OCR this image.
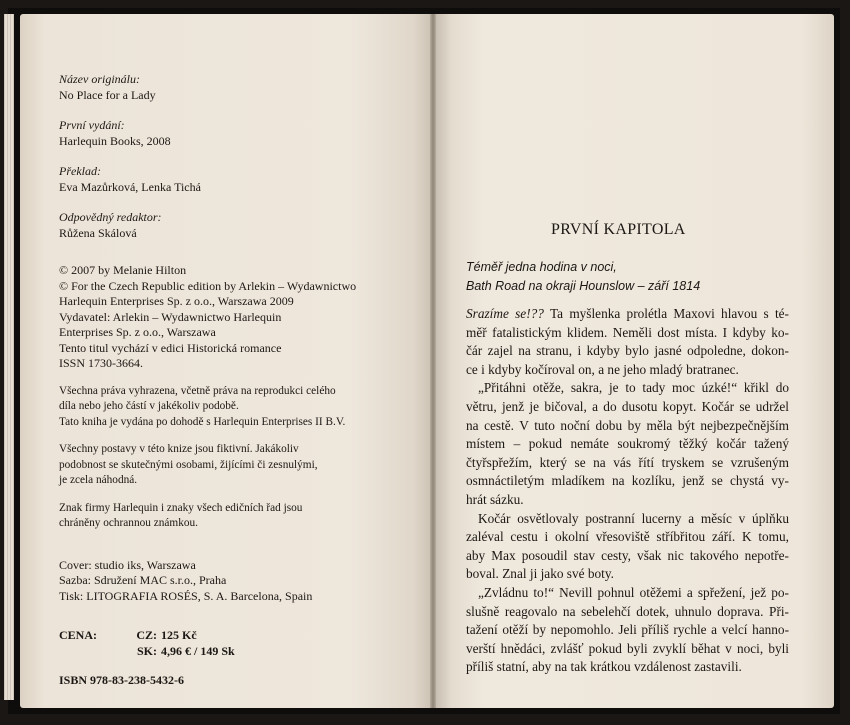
Název originálu:
No Place for a Lady
První vydání:
Harlequin Books, 2008
Překlad:
Eva Mazůrková, Lenka Tichá
Odpovědný redaktor:
Růžena Skálová
© 2007 by Melanie Hilton
© For the Czech Republic edition by Arlekin – Wydawnictwo
Harlequin Enterprises Sp. z o.o., Warszawa 2009
Vydavatel: Arlekin – Wydawnictwo Harlequin
Enterprises Sp. z o.o., Warszawa
Tento titul vychází v edici Historická romance
ISSN 1730-3664.
Všechna práva vyhrazena, včetně práva na reprodukci celého
díla nebo jeho částí v jakékoliv podobě.
Tato kniha je vydána po dohodě s Harlequin Enterprises II B.V.
Všechny postavy v této knize jsou fiktivní. Jakákoliv
podobnost se skutečnými osobami, žijícími či zesnulými,
je zcela náhodná.
Znak firmy Harlequin i znaky všech edičních řad jsou
chráněny ochrannou známkou.
Cover: studio iks, Warszawa
Sazba: Sdružení MAC s.r.o., Praha
Tisk: LITOGRAFIA ROSÉS, S. A. Barcelona, Spain
CENA:	CZ: 125 Kč
SK: 4,96 € / 149 Sk
ISBN 978-83-238-5432-6
PRVNÍ KAPITOLA
Téměř jedna hodina v noci,
Bath Road na okraji Hounslow – září 1814
Srazíme se!?? Ta myšlenka prolétla Maxovi hlavou s té-
měř fatalistickým klidem. Neměli dost místa. I kdyby ko-
čár zajel na stranu, i kdyby bylo jasné odpoledne, dokon-
ce i kdyby kočíroval on, a ne jeho mladý bratranec.
„Přitáhni otěže, sakra, je to tady moc úzké!“ křikl do
větru, jenž je bičoval, a do dusotu kopyt. Kočár se udržel
na cestě. V tuto noční dobu by měla být nejbezpečnějším
místem – pokud nemáte soukromý těžký kočár tažený
čtyřspřežím, který se na vás řítí tryskem se vzrušeným
osmnáctiletým mladíkem na kozlíku, jenž se chystá vy-
hrát sázku.
Kočár osvětlovaly postranní lucerny a měsíc v úplňku
zaléval cestu i okolní vřesoviště stříbřitou září. K tomu,
aby Max posoudil stav cesty, však nic takového nepotře-
boval. Znal ji jako své boty.
„Zvládnu to!“ Nevill pohnul otěžemi a spřežení, jež po-
slušně reagovalo na sebelehčí dotek, uhnulo doprava. Při-
tažení otěží by nepomohlo. Jeli příliš rychle a velcí hanno-
verští hnědáci, zvlášť pokud byli zvyklí běhat v noci, byli
příliš statní, aby na tak krátkou vzdálenost zastavili.
